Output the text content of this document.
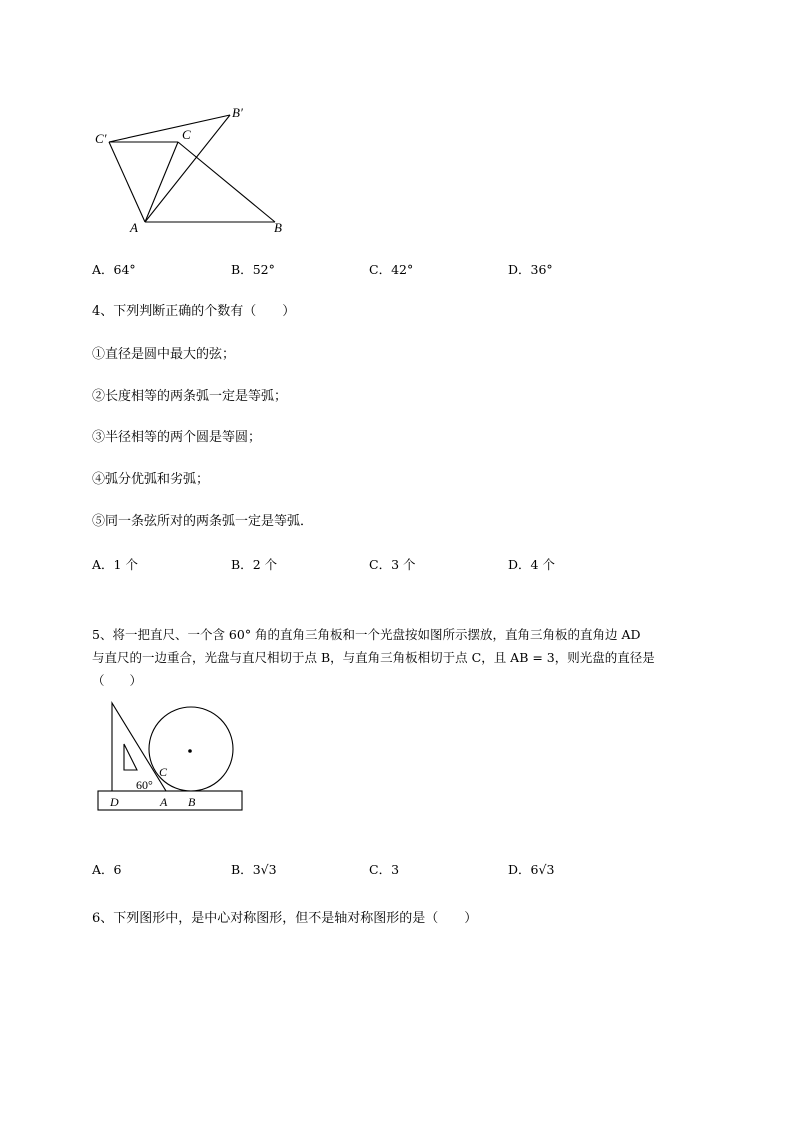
C′	C
B′
A	B
A．64°	B．52°	C．42°	D．36°
4、下列判断正确的个数有（　　）
①直径是圆中最大的弦；
②长度相等的两条弧一定是等弧；
③半径相等的两个圆是等圆；
④弧分优弧和劣弧；
⑤同一条弦所对的两条弧一定是等弧．
A．1 个	B．2 个	C．3 个	D．4 个
5、将一把直尺、一个含 60° 角的直角三角板和一个光盘按如图所示摆放，直角三角板的直角边 AD
与直尺的一边重合，光盘与直尺相切于点 B，与直角三角板相切于点 C，且 AB = 3，则光盘的直径是
（　　）
60°
C
D	A B
A．6	B．3√3	C．3	D．6√3
6、下列图形中，是中心对称图形，但不是轴对称图形的是（　　）
